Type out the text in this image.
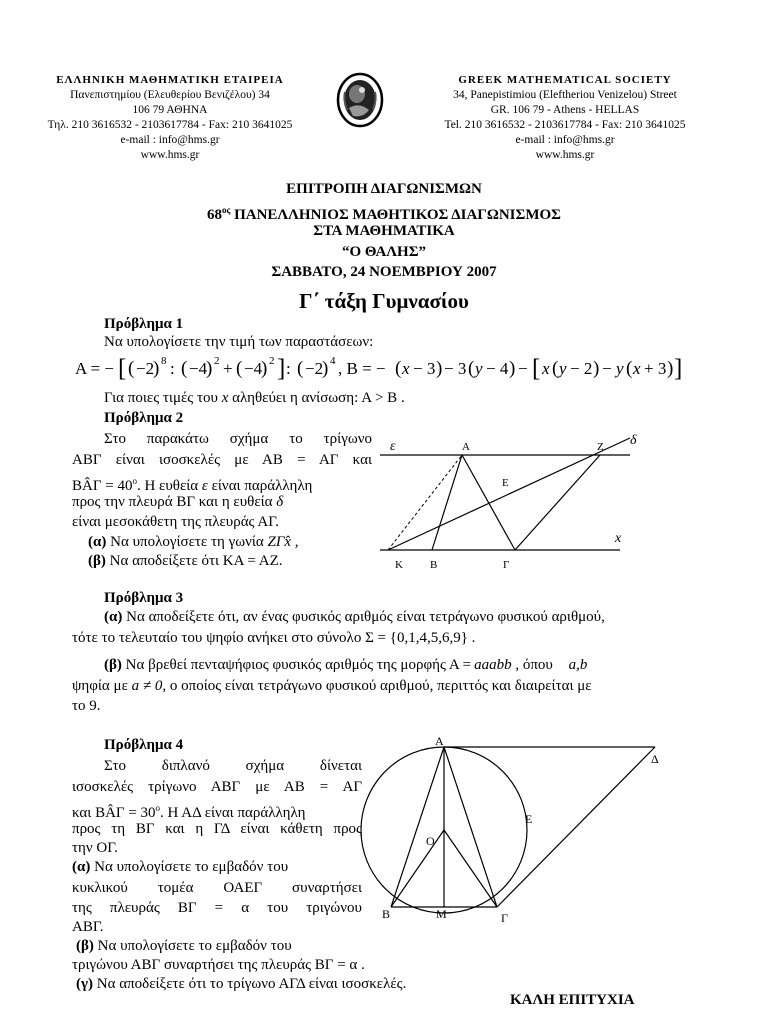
ΕΛΛΗΝΙΚΗ ΜΑΘΗΜΑΤΙΚΗ ΕΤΑΙΡΕΙΑ
Πανεπιστημίου (Ελευθερίου Βενιζέλου) 34
106 79 ΑΘΗΝΑ
Τηλ. 210 3616532 - 2103617784 - Fax: 210 3641025
e-mail : info@hms.gr
www.hms.gr
GREEK MATHEMATICAL SOCIETY
34, Panepistimiou (Eleftheriou Venizelou) Street
GR. 106 79 - Athens - HELLAS
Tel. 210 3616532 - 2103617784 - Fax: 210 3641025
e-mail : info@hms.gr
www.hms.gr
ΕΠΙΤΡΟΠΗ ΔΙΑΓΩΝΙΣΜΩΝ
$68^{o\varsigma}$ ΠΑΝΕΛΛΗΝΙΟΣ ΜΑΘΗΤΙΚΟΣ ΔΙΑΓΩΝΙΣΜΟΣ
ΣΤΑ ΜΑΘΗΜΑΤΙΚΑ
“Ο ΘΑΛΗΣ”
ΣΑΒΒΑΤΟ, 24 ΝΟΕΜΒΡΙΟΥ 2007
Γ΄ τάξη Γυμνασίου
Πρόβλημα 1
Να υπολογίσετε την τιμή των παραστάσεων:
A = − [ ( −2
) 8 : ( −4
) 2 + ( −4
) 2 ] : ( −2
) 4 , B = − ( x − 3 ) − 3 ( y − 4 ) − [ x ( y − 2 ) − y ( x + 3 ) ]
Για ποιες τιμές του x αληθεύει η ανίσωση: Α > Β .
Πρόβλημα 2
Στο παρακάτω σχήμα το τρίγωνο
ΑΒΓ είναι ισοσκελές με ΑΒ = ΑΓ και
ΒÂΓ = $40^o$. Η ευθεία ε είναι παράλληλη
προς την πλευρά ΒΓ και η ευθεία δ
είναι μεσοκάθετη της πλευράς ΑΓ.
(α) Να υπολογίσετε τη γωνία ZΓ̂x ,
(β) Να αποδείξετε ότι ΚΑ = ΑΖ.
ε	Α	Ζ δ
Ε
x
Κ Β	Γ
Πρόβλημα 3
(α) Να αποδείξετε ότι, αν ένας φυσικός αριθμός είναι τετράγωνο φυσικού αριθμού,
τότε το τελευταίο του ψηφίο ανήκει στο σύνολο Σ = {0,1,4,5,6,9} .
(β) Να βρεθεί πενταψήφιος φυσικός αριθμός της μορφής Α = aaabb , όπου a,b
ψηφία με a ≠ 0, ο οποίος είναι τετράγωνο φυσικού αριθμού, περιττός και διαιρείται με
το 9.
Πρόβλημα 4
Στο διπλανό σχήμα δίνεται
ισοσκελές τρίγωνο ΑΒΓ με ΑΒ = ΑΓ
και ΒÂΓ = $30^o$. Η ΑΔ είναι παράλληλη
προς τη ΒΓ και η ΓΔ είναι κάθετη προς
την ΟΓ.
(α) Να υπολογίσετε το εμβαδόν του
κυκλικού τομέα ΟΑΕΓ συναρτήσει
της πλευράς ΒΓ = α του τριγώνου
ΑΒΓ.
(β) Να υπολογίσετε το εμβαδόν του
τριγώνου ΑΒΓ συναρτήσει της πλευράς ΒΓ = α .
(γ) Να αποδείξετε ότι το τρίγωνο ΑΓΔ είναι ισοσκελές.
Α
Δ
Ε
Ο
Β	Μ	Γ
ΚΑΛΗ ΕΠΙΤΥΧΙΑ
